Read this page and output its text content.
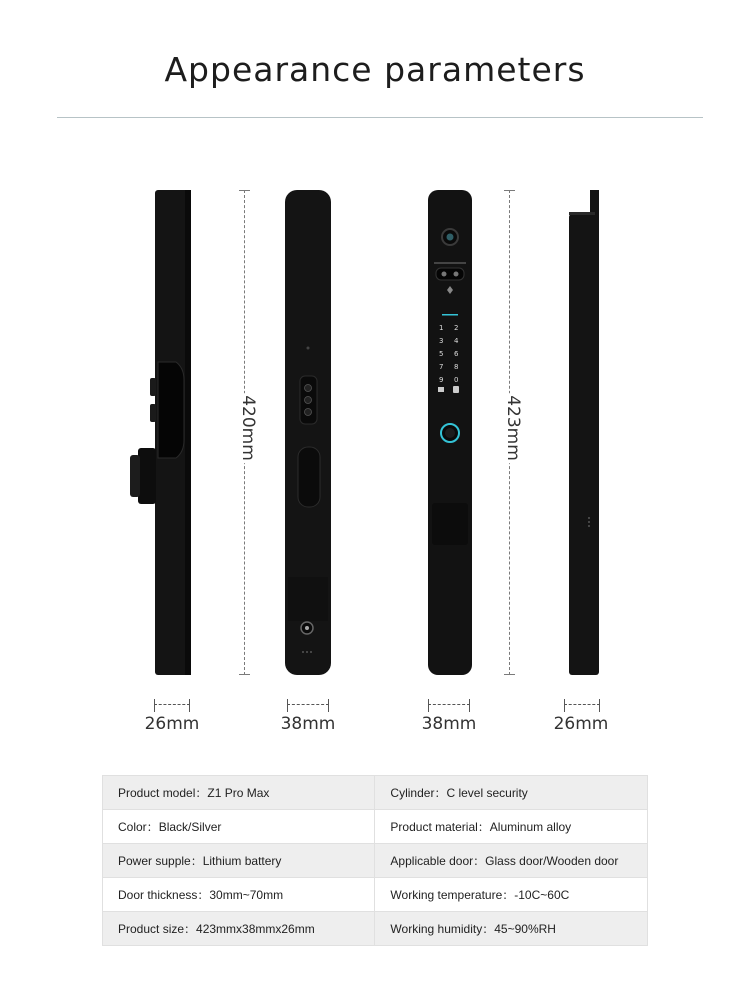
Appearance parameters
1 2
3 4
5 6
7 8
9 0
420mm	423mm
26mm	38mm	38mm	26mm
Product model：Z1 Pro Max	Cylinder：C level security
Color：Black/Silver	Product material：Aluminum alloy
Power supple：Lithium battery	Applicable door：Glass door/Wooden door
Door thickness：30mm~70mm	Working temperature：-10C~60C
Product size：423mmx38mmx26mm	Working humidity：45~90%RH
